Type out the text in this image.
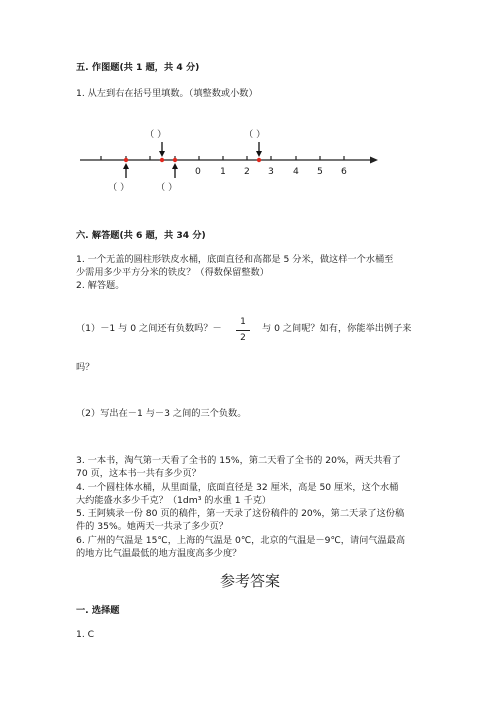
五. 作图题(共 1 题，共 4 分)
1. 从左到右在括号里填数。（填整数或小数）
（ ）	（ ）
（ ）	（ ）
0 1 2 3 4 5 6
六. 解答题(共 6 题，共 34 分)
1. 一个无盖的圆柱形铁皮水桶，底面直径和高都是 5 分米，做这样一个水桶至
少需用多少平方分米的铁皮？（得数保留整数）
2. 解答题。
（1）－1 与 0 之间还有负数吗？－
1
2
与 0 之间呢？如有，你能举出例子来
吗？
（2）写出在－1 与－3 之间的三个负数。
3. 一本书，淘气第一天看了全书的 15%，第二天看了全书的 20%，两天共看了
70 页，这本书一共有多少页？
4. 一个圆柱体水桶，从里面量，底面直径是 32 厘米，高是 50 厘米，这个水桶
大约能盛水多少千克？（1dm³ 的水重 1 千克）
5. 王阿姨录一份 80 页的稿件，第一天录了这份稿件的 20%，第二天录了这份稿
件的 35%。她两天一共录了多少页？
6. 广州的气温是 15℃，上海的气温是 0℃，北京的气温是－9℃，请问气温最高
的地方比气温最低的地方温度高多少度？
参考答案
一. 选择题
1. C
